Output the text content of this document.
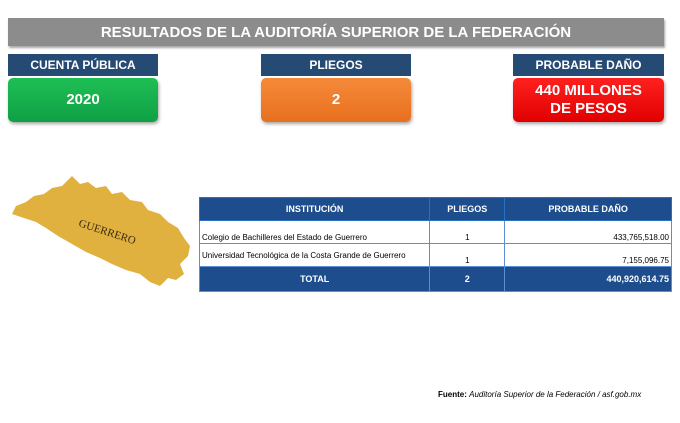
RESULTADOS DE LA AUDITORÍA SUPERIOR DE LA FEDERACIÓN
CUENTA PÚBLICA
2020
PLIEGOS
2
PROBABLE DAÑO
440 MILLONES DE PESOS
GUERRERO
INSTITUCIÓN	PLIEGOS	PROBABLE DAÑO
Colegio de Bachilleres del Estado de Guerrero	1	433,765,518.00
Universidad Tecnológica de la Costa Grande de Guerrero	1	7,155,096.75
TOTAL	2	440,920,614.75
Fuente: Auditoría Superior de la Federación / asf.gob.mx
